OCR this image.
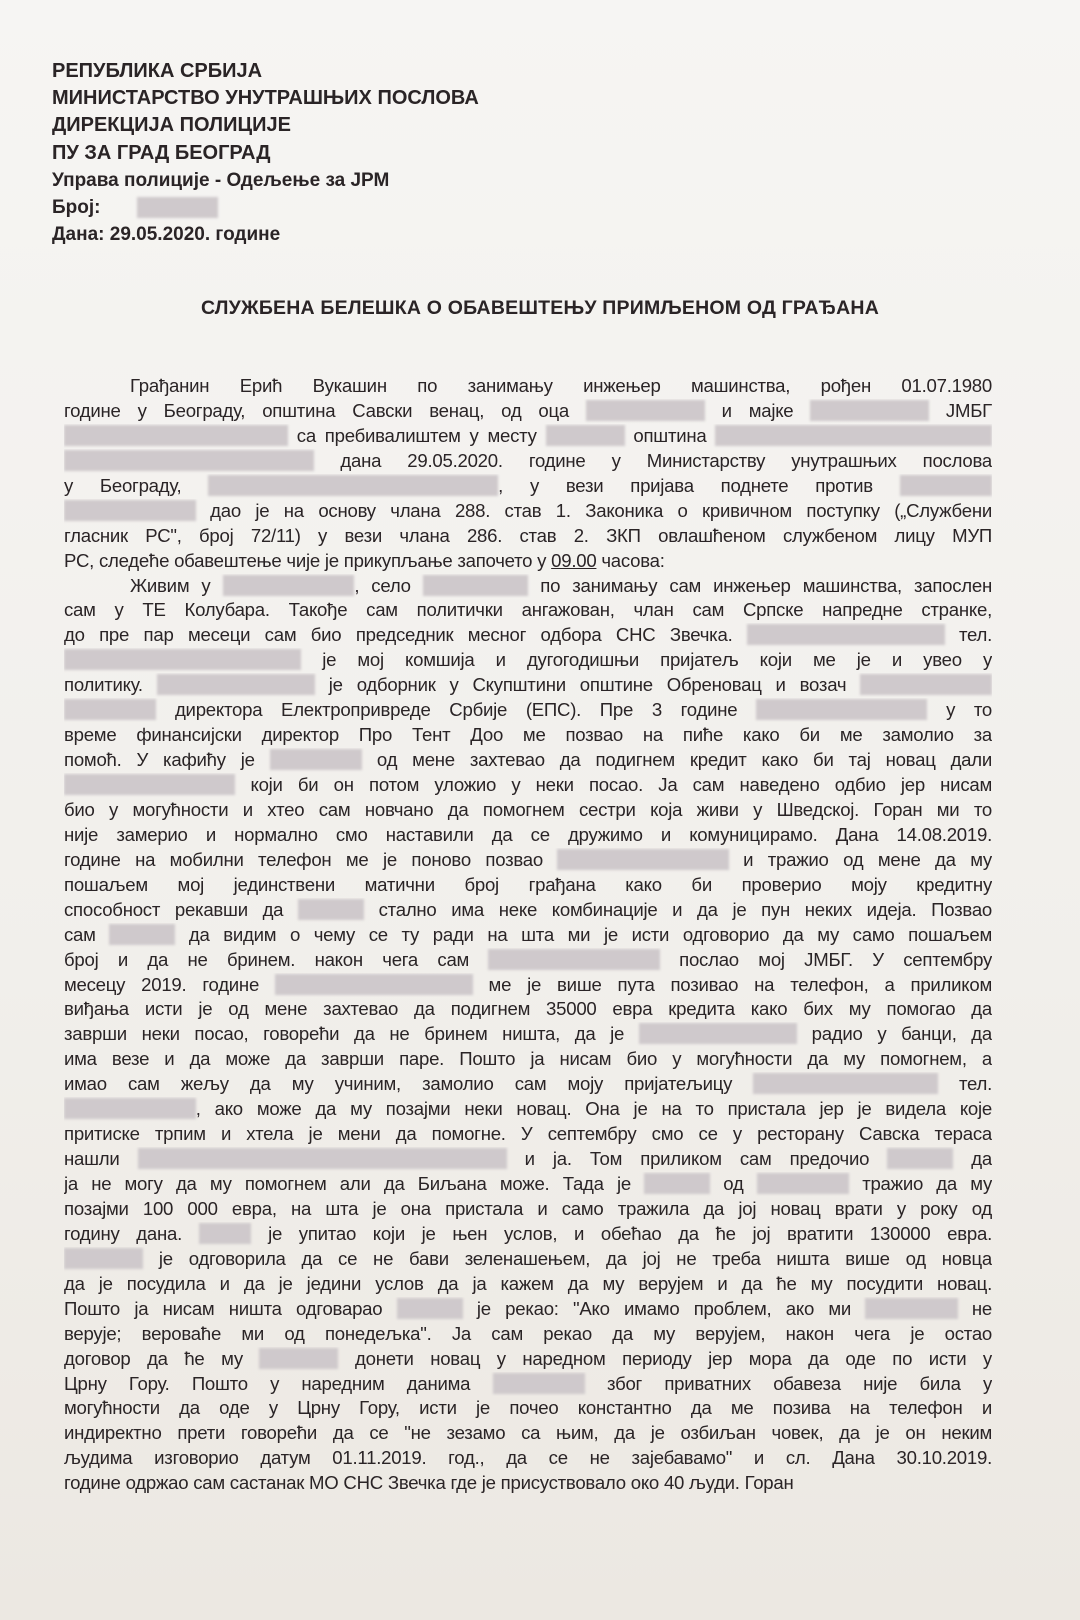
РЕПУБЛИКА СРБИЈА
МИНИСТАРСТВО УНУТРАШЊИХ ПОСЛОВА
ДИРЕКЦИЈА ПОЛИЦИЈЕ
ПУ ЗА ГРАД БЕОГРАД
Управа полиције - Одељење за ЈРМ
Број:
Дана: 29.05.2020. године
СЛУЖБЕНА БЕЛЕШКА О ОБАВЕШТЕЊУ ПРИМЉЕНОМ ОД ГРАЂАНА
Грађанин Ерић Вукашин по занимању инжењер машинства, рођен 01.07.1980
године у Београду, општина Савски венац, од оца	и мајке	ЈМБГ
са пребивалиштем у месту	општина
дана 29.05.2020. године у Министарству унутрашњих послова
у Београду,	, у вези пријава поднете против
дао је на основу члана 288. став 1. Законика о кривичном поступку („Службени
гласник РС", број 72/11) у вези члана 286. став 2. ЗКП овлашћеном службеном лицу МУП
РС, следеће обавештење чије је прикупљање започето у 09.00 часова:
Живим у	, село	по занимању сам инжењер машинства, запослен
сам у ТЕ Колубара. Такође сам политички ангажован, члан сам Српске напредне странке,
до пре пар месеци сам био председник месног одбора СНС Звечка.	тел.
је мој комшија и дугогодишњи пријатељ који ме је и увео у
политику.	је одборник у Скупштини општине Обреновац и возач
директора Електропривреде Србије (ЕПС). Пре 3 године	у то
време финансијски директор Про Тент Доо ме позвао на пиће како би ме замолио за
помоћ. У кафићу је	од мене захтевао да подигнем кредит како би тај новац дали
који би он потом уложио у неки посао. Ја сам наведено одбио јер нисам
био у могућности и хтео сам новчано да помогнем сестри која живи у Шведској. Горан ми то
није замерио и нормално смо наставили да се дружимо и комуницирамо. Дана 14.08.2019.
године на мобилни телефон ме је поново позвао	и тражио од мене да му
пошаљем мој јединствени матични број грађана како би проверио моју кредитну
способност рекавши да	стално има неке комбинације и да је пун неких идеја. Позвао
сам	да видим о чему се ту ради на шта ми је исти одговорио да му само пошаљем
број и да не бринем. након чега сам	послао мој ЈМБГ. У септембру
месецу 2019. године	ме је више пута позивао на телефон, а приликом
виђања исти је од мене захтевао да подигнем 35000 евра кредита како бих му помогао да
заврши неки посао, говорећи да не бринем ништа, да је	радио у банци, да
има везе и да може да заврши паре. Пошто ја нисам био у могућности да му помогнем, а
имао сам жељу да му учиним, замолио сам моју пријатељицу	тел.
, ако може да му позајми неки новац. Она је на то пристала јер је видела које
притиске трпим и хтела је мени да помогне. У септембру смо се у ресторану Савска тераса
нашли	и ја. Том приликом сам предочио	да
ја не могу да му помогнем али да Биљана може. Тада је	од	тражио да му
позајми 100 000 евра, на шта је она пристала и само тражила да јој новац врати у року од
годину дана.	је упитао који је њен услов, и обећао да ће јој вратити 130000 евра.
је одговорила да се не бави зеленашењем, да јој не треба ништа више од новца
да је посудила и да је једини услов да ја кажем да му верујем и да ће му посудити новац.
Пошто ја нисам ништа одговарао	је рекао: "Ако имамо проблем, ако ми	не
верује; вероваће ми од понедељка". Ја сам рекао да му верујем, након чега је остао
договор да ће му	донети новац у наредном периоду јер мора да оде по исти у
Црну Гору. Пошто у наредним данима	због приватних обавеза није била у
могућности да оде у Црну Гору, исти је почео константно да ме позива на телефон и
индиректно прети говорећи да се "не зезамо са њим, да је озбиљан човек, да је он неким
људима изговорио датум 01.11.2019. год., да се не зајебавамо" и сл. Дана 30.10.2019.
године одржао сам састанак МО СНС Звечка где је присуствовало око 40 људи. Горан
